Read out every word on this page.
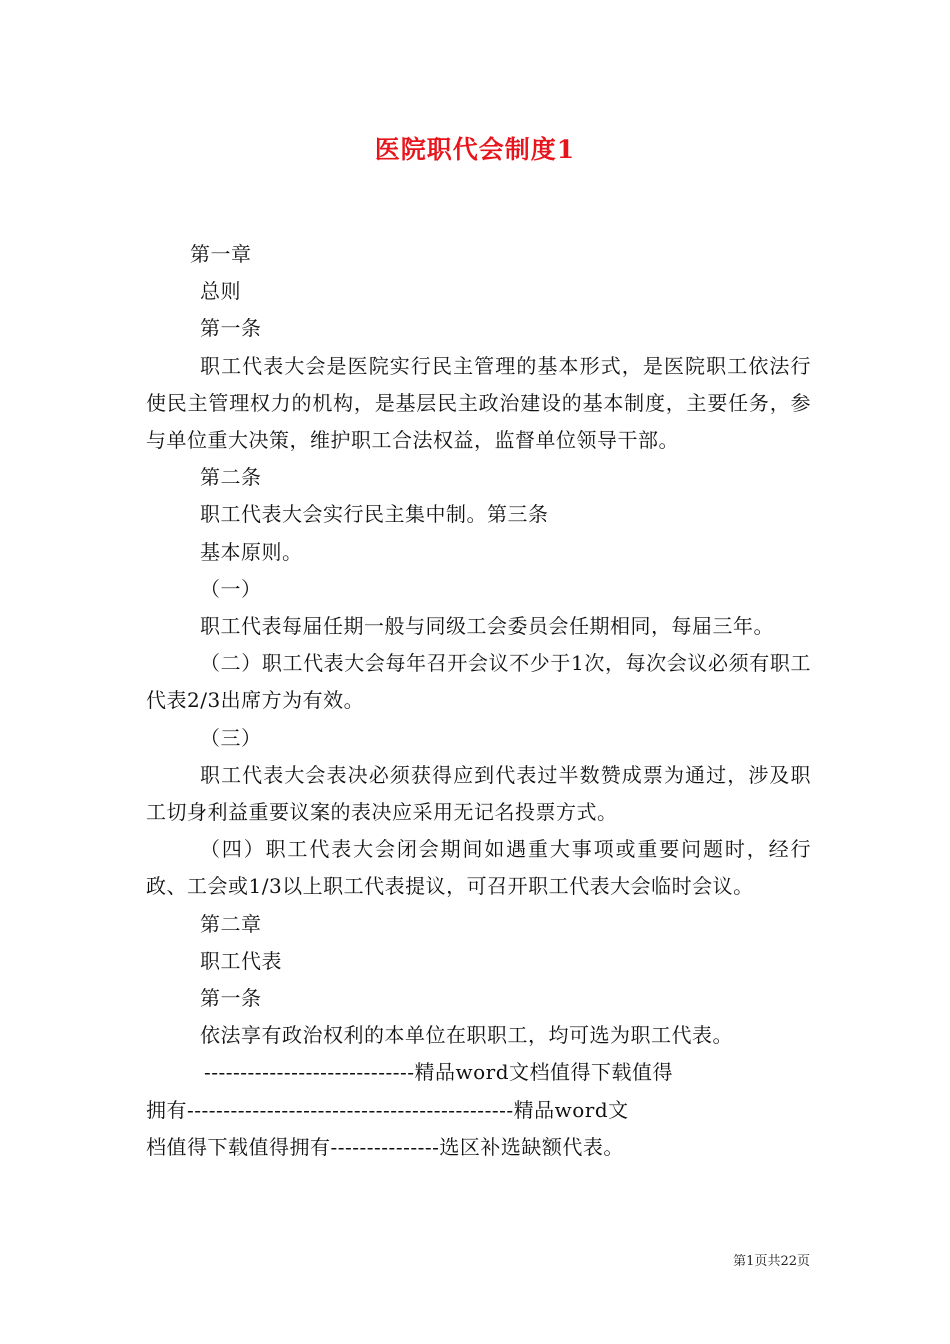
医院职代会制度1

第一章

总则

第一条

职工代表大会是医院实行民主管理的基本形式，是医院职工依法行使民主管理权力的机构，是基层民主政治建设的基本制度，主要任务，参与单位重大决策，维护职工合法权益，监督单位领导干部。

第二条

职工代表大会实行民主集中制。第三条

基本原则。

（一）

职工代表每届任期一般与同级工会委员会任期相同，每届三年。

（二）职工代表大会每年召开会议不少于1次，每次会议必须有职工代表2/3出席方为有效。

（三）

职工代表大会表决必须获得应到代表过半数赞成票为通过，涉及职工切身利益重要议案的表决应采用无记名投票方式。

（四）职工代表大会闭会期间如遇重大事项或重要问题时，经行政、工会或1/3以上职工代表提议，可召开职工代表大会临时会议。

第二章

职工代表

第一条

依法享有政治权利的本单位在职职工，均可选为职工代表。

-----------------------------精品word文档值得下载值得

拥有---------------------------------------------精品word文

档值得下载值得拥有---------------选区补选缺额代表。

第1页共22页
